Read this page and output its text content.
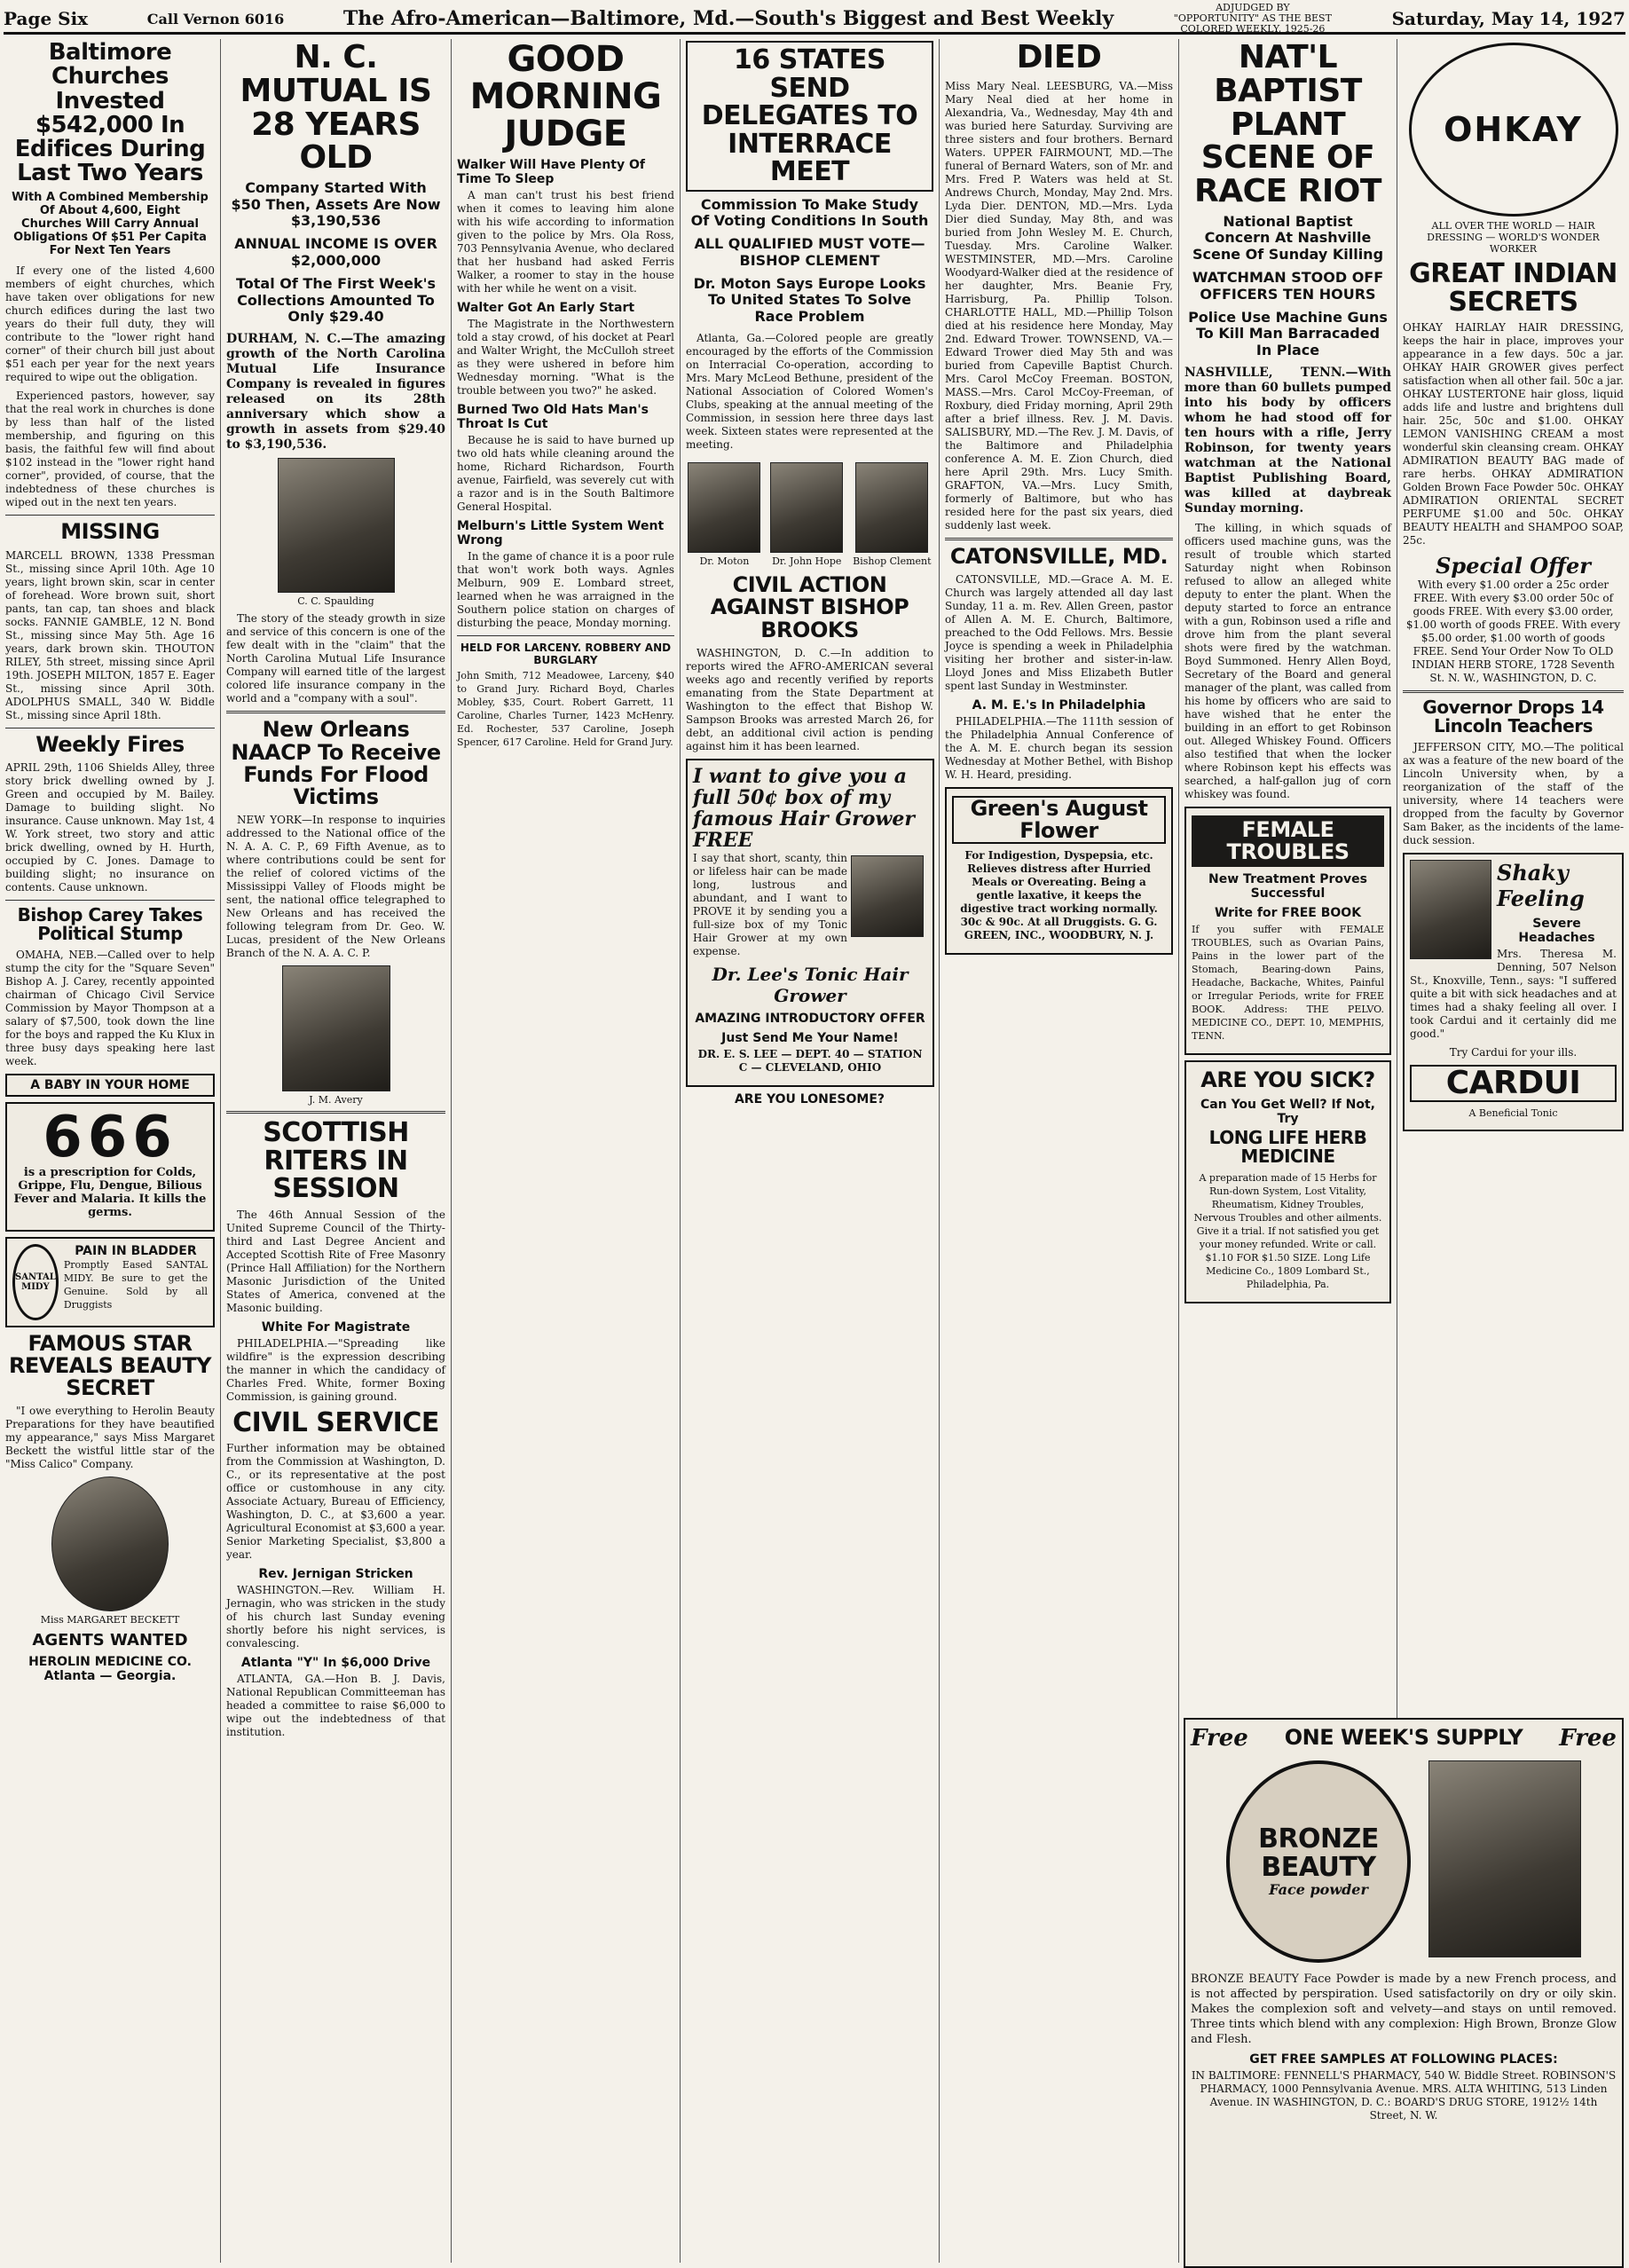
Page Six	Call Vernon 6016	The Afro-American—Baltimore, Md.—South's Biggest and Best Weekly	ADJUDGED BY "OPPORTUNITY" AS THE BEST COLORED WEEKLY, 1925-26	Saturday, May 14, 1927
Baltimore Churches Invested $542,000 In Edifices During Last Two Years
With A Combined Membership Of About 4,600, Eight Churches Will Carry Annual Obligations Of $51 Per Capita For Next Ten Years
If every one of the listed 4,600 members of eight churches, which have taken over obligations for new church edifices during the last two years do their full duty, they will contribute to the "lower right hand corner" of their church bill just about $51 each per year for the next years required to wipe out the obligation.
Experienced pastors, however, say that the real work in churches is done by less than half of the listed membership, and figuring on this basis, the faithful few will find about $102 instead in the "lower right hand corner", provided, of course, that the indebtedness of these churches is wiped out in the next ten years.
MISSING
MARCELL BROWN, 1338 Pressman St., missing since April 10th. Age 10 years, light brown skin, scar in center of forehead. Wore brown suit, short pants, tan cap, tan shoes and black socks. FANNIE GAMBLE, 12 N. Bond St., missing since May 5th. Age 16 years, dark brown skin. THOUTON RILEY, 5th street, missing since April 19th. JOSEPH MILTON, 1857 E. Eager St., missing since April 30th. ADOLPHUS SMALL, 340 W. Biddle St., missing since April 18th.
Weekly Fires
APRIL 29th, 1106 Shields Alley, three story brick dwelling owned by J. Green and occupied by M. Bailey. Damage to building slight. No insurance. Cause unknown. May 1st, 4 W. York street, two story and attic brick dwelling, owned by H. Hurth, occupied by C. Jones. Damage to building slight; no insurance on contents. Cause unknown.
Bishop Carey Takes Political Stump
OMAHA, NEB.—Called over to help stump the city for the "Square Seven" Bishop A. J. Carey, recently appointed chairman of Chicago Civil Service Commission by Mayor Thompson at a salary of $7,500, took down the line for the boys and rapped the Ku Klux in three busy days speaking here last week.
A BABY IN YOUR HOME
666
is a prescription for Colds, Grippe, Flu, Dengue, Bilious Fever and Malaria. It kills the germs.
SANTAL MIDY
PAIN IN BLADDER
Promptly Eased SANTAL MIDY. Be sure to get the Genuine. Sold by all Druggists
FAMOUS STAR REVEALS BEAUTY SECRET
"I owe everything to Herolin Beauty Preparations for they have beautified my appearance," says Miss Margaret Beckett the wistful little star of the "Miss Calico" Company.
Miss MARGARET BECKETT
AGENTS WANTED
HEROLIN MEDICINE CO. Atlanta — Georgia.
N. C. MUTUAL IS 28 YEARS OLD
Company Started With $50 Then, Assets Are Now $3,190,536
ANNUAL INCOME IS OVER $2,000,000
Total Of The First Week's Collections Amounted To Only $29.40
DURHAM, N. C.—The amazing growth of the North Carolina Mutual Life Insurance Company is revealed in figures released on its 28th anniversary which show a growth in assets from $29.40 to $3,190,536.
C. C. Spaulding
The story of the steady growth in size and service of this concern is one of the few dealt with in the "claim" that the North Carolina Mutual Life Insurance Company will earned title of the largest colored life insurance company in the world and a "company with a soul".
New Orleans NAACP To Receive Funds For Flood Victims
NEW YORK—In response to inquiries addressed to the National office of the N. A. A. C. P., 69 Fifth Avenue, as to where contributions could be sent for the relief of colored victims of the Mississippi Valley of Floods might be sent, the national office telegraphed to New Orleans and has received the following telegram from Dr. Geo. W. Lucas, president of the New Orleans Branch of the N. A. A. C. P.
J. M. Avery
SCOTTISH RITERS IN SESSION
The 46th Annual Session of the United Supreme Council of the Thirty-third and Last Degree Ancient and Accepted Scottish Rite of Free Masonry (Prince Hall Affiliation) for the Northern Masonic Jurisdiction of the United States of America, convened at the Masonic building.
White For Magistrate
PHILADELPHIA.—"Spreading like wildfire" is the expression describing the manner in which the candidacy of Charles Fred. White, former Boxing Commission, is gaining ground.
CIVIL SERVICE
Further information may be obtained from the Commission at Washington, D. C., or its representative at the post office or customhouse in any city. Associate Actuary, Bureau of Efficiency, Washington, D. C., at $3,600 a year. Agricultural Economist at $3,600 a year. Senior Marketing Specialist, $3,800 a year.
Rev. Jernigan Stricken
WASHINGTON.—Rev. William H. Jernagin, who was stricken in the study of his church last Sunday evening shortly before his night services, is convalescing.
Atlanta "Y" In $6,000 Drive
ATLANTA, GA.—Hon B. J. Davis, National Republican Committeeman has headed a committee to raise $6,000 to wipe out the indebtedness of that institution.
GOOD MORNING JUDGE
Walker Will Have Plenty Of Time To Sleep
A man can't trust his best friend when it comes to leaving him alone with his wife according to information given to the police by Mrs. Ola Ross, 703 Pennsylvania Avenue, who declared that her husband had asked Ferris Walker, a roomer to stay in the house with her while he went on a visit.
Walter Got An Early Start
The Magistrate in the Northwestern told a stay crowd, of his docket at Pearl and Walter Wright, the McCulloh street as they were ushered in before him Wednesday morning. "What is the trouble between you two?" he asked.
Burned Two Old Hats Man's Throat Is Cut
Because he is said to have burned up two old hats while cleaning around the home, Richard Richardson, Fourth avenue, Fairfield, was severely cut with a razor and is in the South Baltimore General Hospital.
Melburn's Little System Went Wrong
In the game of chance it is a poor rule that won't work both ways. Agnles Melburn, 909 E. Lombard street, learned when he was arraigned in the Southern police station on charges of disturbing the peace, Monday morning.
HELD FOR LARCENY. ROBBERY AND BURGLARY
John Smith, 712 Meadowee, Larceny, $40 to Grand Jury. Richard Boyd, Charles Mobley, $35, Court. Robert Garrett, 11 Caroline, Charles Turner, 1423 McHenry. Ed. Rochester, 537 Caroline, Joseph Spencer, 617 Caroline. Held for Grand Jury.
16 STATES SEND DELEGATES TO INTERRACE MEET
Commission To Make Study Of Voting Conditions In South
ALL QUALIFIED MUST VOTE—BISHOP CLEMENT
Dr. Moton Says Europe Looks To United States To Solve Race Problem
Atlanta, Ga.—Colored people are greatly encouraged by the efforts of the Commission on Interracial Co-operation, according to Mrs. Mary McLeod Bethune, president of the National Association of Colored Women's Clubs, speaking at the annual meeting of the Commission, in session here three days last week. Sixteen states were represented at the meeting.
Dr. Moton	Dr. John Hope Bishop Clement
CIVIL ACTION AGAINST BISHOP BROOKS
WASHINGTON, D. C.—In addition to reports wired the AFRO-AMERICAN several weeks ago and recently verified by reports emanating from the State Department at Washington to the effect that Bishop W. Sampson Brooks was arrested March 26, for debt, an additional civil action is pending against him it has been learned.
I want to give you a full 50¢ box of my famous Hair Grower FREE
I say that short, scanty, thin or lifeless hair can be made long, lustrous and abundant, and I want to PROVE it by sending you a full-size box of my Tonic Hair Grower at my own expense.
Dr. Lee's Tonic Hair Grower
AMAZING INTRODUCTORY OFFER
Just Send Me Your Name!
DR. E. S. LEE — DEPT. 40 — STATION C — CLEVELAND, OHIO
ARE YOU LONESOME?
DIED
Miss Mary Neal. LEESBURG, VA.—Miss Mary Neal died at her home in Alexandria, Va., Wednesday, May 4th and was buried here Saturday. Surviving are three sisters and four brothers. Bernard Waters. UPPER FAIRMOUNT, MD.—The funeral of Bernard Waters, son of Mr. and Mrs. Fred P. Waters was held at St. Andrews Church, Monday, May 2nd. Mrs. Lyda Dier. DENTON, MD.—Mrs. Lyda Dier died Sunday, May 8th, and was buried from John Wesley M. E. Church, Tuesday. Mrs. Caroline Walker. WESTMINSTER, MD.—Mrs. Caroline Woodyard-Walker died at the residence of her daughter, Mrs. Beanie Fry, Harrisburg, Pa. Phillip Tolson. CHARLOTTE HALL, MD.—Phillip Tolson died at his residence here Monday, May 2nd. Edward Trower. TOWNSEND, VA.—Edward Trower died May 5th and was buried from Capeville Baptist Church. Mrs. Carol McCoy Freeman. BOSTON, MASS.—Mrs. Carol McCoy-Freeman, of Roxbury, died Friday morning, April 29th after a brief illness. Rev. J. M. Davis. SALISBURY, MD.—The Rev. J. M. Davis, of the Baltimore and Philadelphia conference A. M. E. Zion Church, died here April 29th. Mrs. Lucy Smith. GRAFTON, VA.—Mrs. Lucy Smith, formerly of Baltimore, but who has resided here for the past six years, died suddenly last week.
CATONSVILLE, MD.
CATONSVILLE, MD.—Grace A. M. E. Church was largely attended all day last Sunday, 11 a. m. Rev. Allen Green, pastor of Allen A. M. E. Church, Baltimore, preached to the Odd Fellows. Mrs. Bessie Joyce is spending a week in Philadelphia visiting her brother and sister-in-law. Lloyd Jones and Miss Elizabeth Butler spent last Sunday in Westminster.
A. M. E.'s In Philadelphia
PHILADELPHIA.—The 111th session of the Philadelphia Annual Conference of the A. M. E. church began its session Wednesday at Mother Bethel, with Bishop W. H. Heard, presiding.
Green's August Flower
For Indigestion, Dyspepsia, etc. Relieves distress after Hurried Meals or Overeating. Being a gentle laxative, it keeps the digestive tract working normally. 30c & 90c. At all Druggists. G. G. GREEN, INC., WOODBURY, N. J.
NAT'L BAPTIST PLANT SCENE OF RACE RIOT
National Baptist Concern At Nashville Scene Of Sunday Killing
WATCHMAN STOOD OFF OFFICERS TEN HOURS
Police Use Machine Guns To Kill Man Barracaded In Place
NASHVILLE, TENN.—With more than 60 bullets pumped into his body by officers whom he had stood off for ten hours with a rifle, Jerry Robinson, for twenty years watchman at the National Baptist Publishing Board, was killed at daybreak Sunday morning.
The killing, in which squads of officers used machine guns, was the result of trouble which started Saturday night when Robinson refused to allow an alleged white deputy to enter the plant. When the deputy started to force an entrance with a gun, Robinson used a rifle and drove him from the plant several shots were fired by the watchman. Boyd Summoned. Henry Allen Boyd, Secretary of the Board and general manager of the plant, was called from his home by officers who are said to have wished that he enter the building in an effort to get Robinson out. Alleged Whiskey Found. Officers also testified that when the locker where Robinson kept his effects was searched, a half-gallon jug of corn whiskey was found.
FEMALE TROUBLES
New Treatment Proves Successful
Write for FREE BOOK
If you suffer with FEMALE TROUBLES, such as Ovarian Pains, Pains in the lower part of the Stomach, Bearing-down Pains, Headache, Backache, Whites, Painful or Irregular Periods, write for FREE BOOK. Address: THE PELVO. MEDICINE CO., DEPT. 10, MEMPHIS, TENN.
ARE YOU SICK?
Can You Get Well? If Not, Try
LONG LIFE HERB MEDICINE
A preparation made of 15 Herbs for Run-down System, Lost Vitality, Rheumatism, Kidney Troubles, Nervous Troubles and other ailments. Give it a trial. If not satisfied you get your money refunded. Write or call. $1.10 FOR $1.50 SIZE. Long Life Medicine Co., 1809 Lombard St., Philadelphia, Pa.
OHKAY
ALL OVER THE WORLD — HAIR DRESSING — WORLD'S WONDER WORKER
GREAT INDIAN SECRETS
OHKAY HAIRLAY HAIR DRESSING, keeps the hair in place, improves your appearance in a few days. 50c a jar. OHKAY HAIR GROWER gives perfect satisfaction when all other fail. 50c a jar. OHKAY LUSTERTONE hair gloss, liquid adds life and lustre and brightens dull hair. 25c, 50c and $1.00. OHKAY LEMON VANISHING CREAM a most wonderful skin cleansing cream. OHKAY ADMIRATION BEAUTY BAG made of rare herbs. OHKAY ADMIRATION Golden Brown Face Powder 50c. OHKAY ADMIRATION ORIENTAL SECRET PERFUME $1.00 and 50c. OHKAY BEAUTY HEALTH and SHAMPOO SOAP, 25c.
Special Offer
With every $1.00 order a 25c order FREE. With every $3.00 order 50c of goods FREE. With every $3.00 order, $1.00 worth of goods FREE. With every $5.00 order, $1.00 worth of goods FREE. Send Your Order Now To OLD INDIAN HERB STORE, 1728 Seventh St. N. W., WASHINGTON, D. C.
Governor Drops 14 Lincoln Teachers
JEFFERSON CITY, MO.—The political ax was a feature of the new board of the Lincoln University when, by a reorganization of the staff of the university, where 14 teachers were dropped from the faculty by Governor Sam Baker, as the incidents of the lame-duck session.
Shaky Feeling
Severe Headaches
Mrs. Theresa M. Denning, 507 Nelson St., Knoxville, Tenn., says: "I suffered quite a bit with sick headaches and at times had a shaky feeling all over. I took Cardui and it certainly did me good."
Try Cardui for your ills.
CARDUI
A Beneficial Tonic
Free ONE WEEK'S SUPPLY Free
BRONZE BEAUTY
Face powder
BRONZE BEAUTY Face Powder is made by a new French process, and is not affected by perspiration. Used satisfactorily on dry or oily skin. Makes the complexion soft and velvety—and stays on until removed. Three tints which blend with any complexion: High Brown, Bronze Glow and Flesh.
GET FREE SAMPLES AT FOLLOWING PLACES:
IN BALTIMORE: FENNELL'S PHARMACY, 540 W. Biddle Street. ROBINSON'S PHARMACY, 1000 Pennsylvania Avenue. MRS. ALTA WHITING, 513 Linden Avenue. IN WASHINGTON, D. C.: BOARD'S DRUG STORE, 1912½ 14th Street, N. W.
